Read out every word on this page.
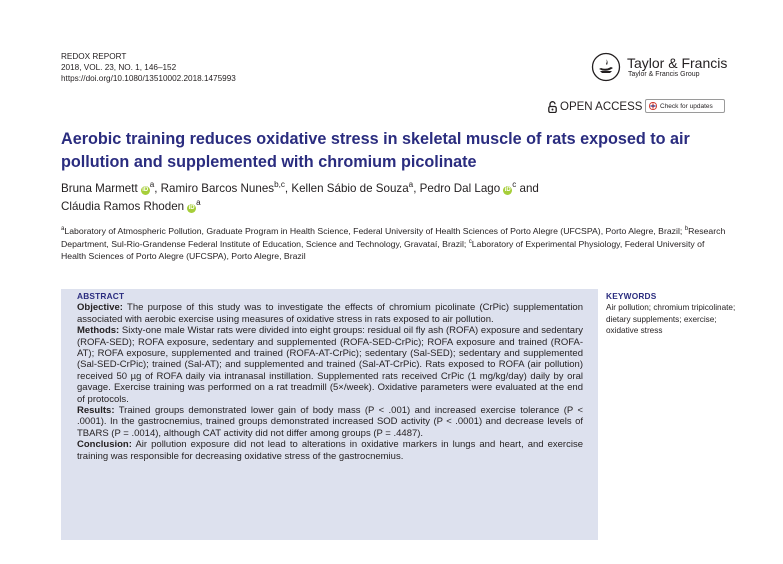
REDOX REPORT
2018, VOL. 23, NO. 1, 146–152
https://doi.org/10.1080/13510002.2018.1475993
Taylor & Francis
Taylor & Francis Group
OPEN ACCESS	Check for updates
Aerobic training reduces oxidative stress in skeletal muscle of rats exposed to air pollution and supplemented with chromium picolinate
Bruna Marmett $iD^a$, Ramiro Barcos Nunes$^{b,c}$, Kellen Sábio de Souza$^a$, Pedro Dal Lago $iD^c$ and
Cláudia Ramos Rhoden $iD^a$
$^a$Laboratory of Atmospheric Pollution, Graduate Program in Health Science, Federal University of Health Sciences of Porto Alegre (UFCSPA), Porto Alegre, Brazil; $^b$Research Department, Sul-Rio-Grandense Federal Institute of Education, Science and Technology, Gravataí, Brazil; $^c$Laboratory of Experimental Physiology, Federal University of Health Sciences of Porto Alegre (UFCSPA), Porto Alegre, Brazil
ABSTRACT

Objective: The purpose of this study was to investigate the effects of chromium picolinate (CrPic) supplementation associated with aerobic exercise using measures of oxidative stress in rats exposed to air pollution.

Methods: Sixty-one male Wistar rats were divided into eight groups: residual oil fly ash (ROFA) exposure and sedentary (ROFA-SED); ROFA exposure, sedentary and supplemented (ROFA-SED-CrPic); ROFA exposure and trained (ROFA-AT); ROFA exposure, supplemented and trained (ROFA-AT-CrPic); sedentary (Sal-SED); sedentary and supplemented (Sal-SED-CrPic); trained (Sal-AT); and supplemented and trained (Sal-AT-CrPic). Rats exposed to ROFA (air pollution) received 50 µg of ROFA daily via intranasal instillation. Supplemented rats received CrPic (1 mg/kg/day) daily by oral gavage. Exercise training was performed on a rat treadmill (5×/week). Oxidative parameters were evaluated at the end of protocols.

Results: Trained groups demonstrated lower gain of body mass (P < .001) and increased exercise tolerance (P < .0001). In the gastrocnemius, trained groups demonstrated increased SOD activity (P < .0001) and decrease levels of TBARS (P = .0014), although CAT activity did not differ among groups (P = .4487).

Conclusion: Air pollution exposure did not lead to alterations in oxidative markers in lungs and heart, and exercise training was responsible for decreasing oxidative stress of the gastrocnemius.

KEYWORDS
Air pollution; chromium tripicolinate; dietary supplements; exercise; oxidative stress
